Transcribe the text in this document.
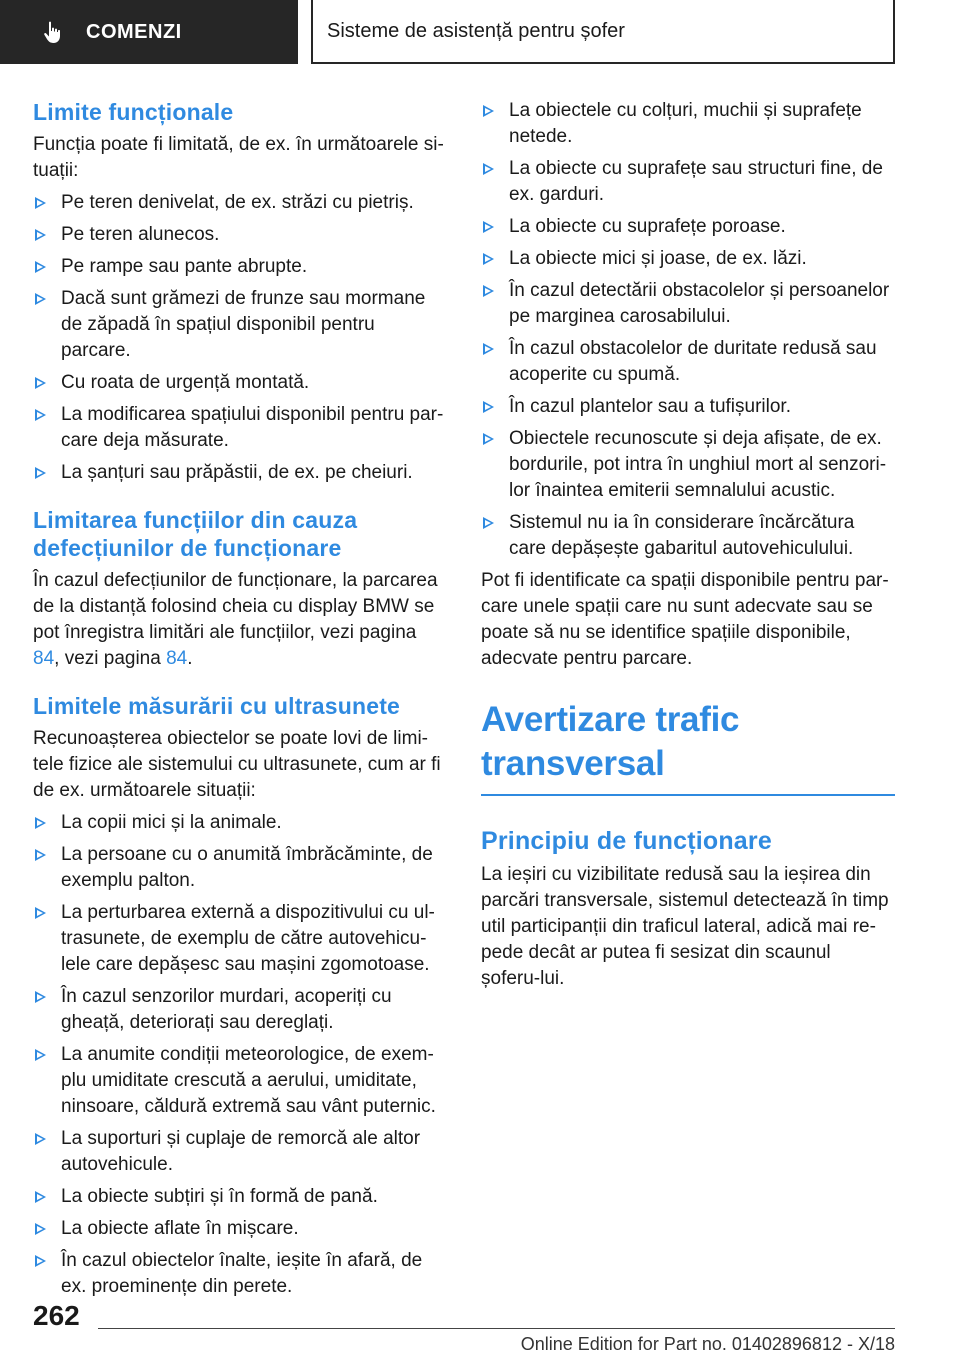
COMENZI	Sisteme de asistență pentru șofer
Limite funcționale

Funcția poate fi limitată, de ex. în următoarele si-tuații:

Pe teren denivelat, de ex. străzi cu pietriș.
Pe teren alunecos.
Pe rampe sau pante abrupte.
Dacă sunt grămezi de frunze sau mormane de zăpadă în spațiul disponibil pentru parcare.
Cu roata de urgență montată.
La modificarea spațiului disponibil pentru par-care deja măsurate.
La șanțuri sau prăpăstii, de ex. pe cheiuri.
Limitarea funcțiilor din cauza defecțiunilor de funcționare

În cazul defecțiunilor de funcționare, la parcarea de la distanță folosind cheia cu display BMW se pot înregistra limitări ale funcțiilor, vezi pagina 84, vezi pagina 84.

Limitele măsurării cu ultrasunete

Recunoașterea obiectelor se poate lovi de limi-tele fizice ale sistemului cu ultrasunete, cum ar fi de ex. următoarele situații:

La copii mici și la animale.
La persoane cu o anumită îmbrăcăminte, de exemplu palton.
La perturbarea externă a dispozitivului cu ul-trasunete, de exemplu de către autovehicu-lele care depășesc sau mașini zgomotoase.
În cazul senzorilor murdari, acoperiți cu gheață, deteriorați sau dereglați.
La anumite condiții meteorologice, de exem-plu umiditate crescută a aerului, umiditate, ninsoare, căldură extremă sau vânt puternic.
La suporturi și cuplaje de remorcă ale altor autovehicule.
La obiecte subțiri și în formă de pană.
La obiecte aflate în mișcare.
În cazul obiectelor înalte, ieșite în afară, de ex. proeminențe din perete.
La obiectele cu colțuri, muchii și suprafețe netede.
La obiecte cu suprafețe sau structuri fine, de ex. garduri.
La obiecte cu suprafețe poroase.
La obiecte mici și joase, de ex. lăzi.
În cazul detectării obstacolelor și persoanelor pe marginea carosabilului.
În cazul obstacolelor de duritate redusă sau acoperite cu spumă.
În cazul plantelor sau a tufișurilor.
Obiectele recunoscute și deja afișate, de ex. bordurile, pot intra în unghiul mort al senzori-lor înaintea emiterii semnalului acustic.
Sistemul nu ia în considerare încărcătura care depășește gabaritul autovehiculului.

Pot fi identificate ca spații disponibile pentru par-care unele spații care nu sunt adecvate sau se poate să nu se identifice spațiile disponibile, adecvate pentru parcare.

Avertizare trafic transversal
Principiu de funcționare

La ieșiri cu vizibilitate redusă sau la ieșirea din parcări transversale, sistemul detectează în timp util participanții din traficul lateral, adică mai re-pede decât ar putea fi sesizat din scaunul șoferu-lui.

262
Online Edition for Part no. 01402896812 - X/18
